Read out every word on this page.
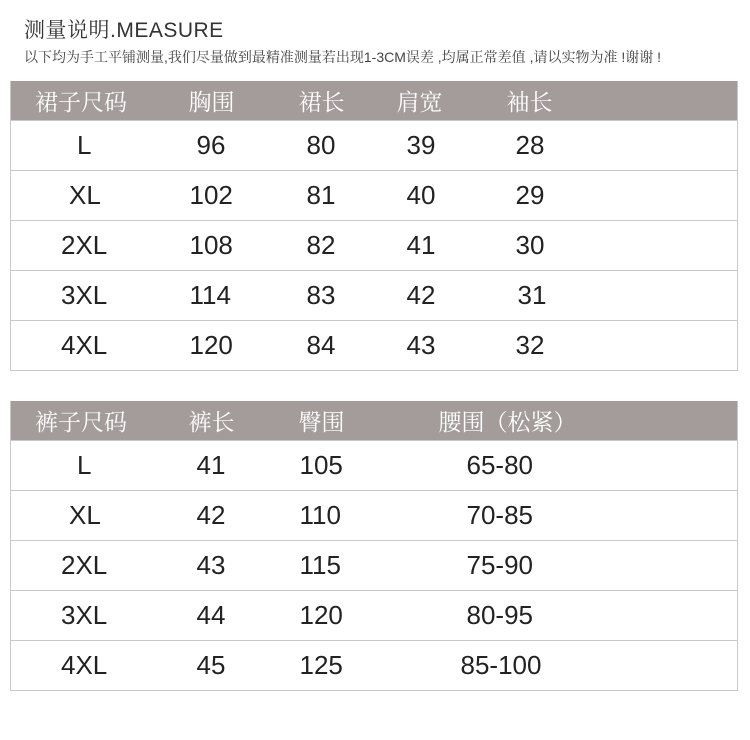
测量说明.MEASURE
以下均为手工平铺测量,我们尽量做到最精准测量若出现1-3CM误差 ,均属正常差值 ,请以实物为准 !谢谢 !
裙子尺码	胸围	裙长	肩宽	袖长
L	96	80	39	28
XL	102	81	40	29
2XL	108	82	41	30
3XL	114	83	42	31
4XL	120	84	43	32
裤子尺码	裤长	臀围	腰围（松紧）
L	41	105	65-80
XL	42	110	70-85
2XL	43	115	75-90
3XL	44	120	80-95
4XL	45	125	85-100
